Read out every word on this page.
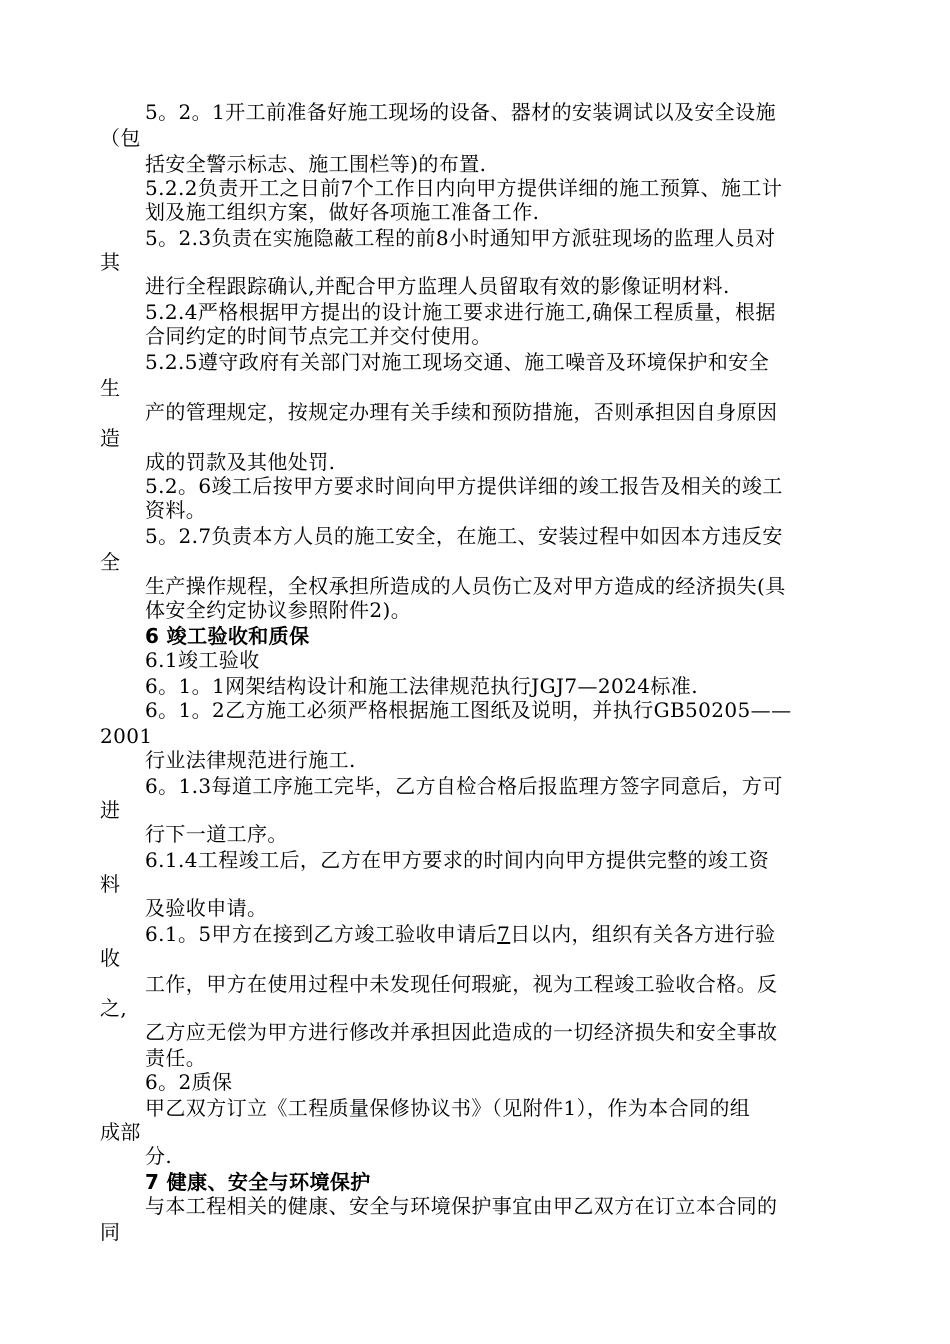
5。2。1开工前准备好施工现场的设备、器材的安装调试以及安全设施
（包
括安全警示标志、施工围栏等)的布置.
5.2.2负责开工之日前7个工作日内向甲方提供详细的施工预算、施工计
划及施工组织方案，做好各项施工准备工作.
5。2.3负责在实施隐蔽工程的前8小时通知甲方派驻现场的监理人员对
其
进行全程跟踪确认,并配合甲方监理人员留取有效的影像证明材料.
5.2.4严格根据甲方提出的设计施工要求进行施工,确保工程质量，根据
合同约定的时间节点完工并交付使用。
5.2.5遵守政府有关部门对施工现场交通、施工噪音及环境保护和安全
生
产的管理规定，按规定办理有关手续和预防措施，否则承担因自身原因
造
成的罚款及其他处罚.
5.2。6竣工后按甲方要求时间向甲方提供详细的竣工报告及相关的竣工
资料。
5。2.7负责本方人员的施工安全，在施工、安装过程中如因本方违反安
全
生产操作规程，全权承担所造成的人员伤亡及对甲方造成的经济损失(具
体安全约定协议参照附件2)。
6 竣工验收和质保
6.1竣工验收
6。1。1网架结构设计和施工法律规范执行JGJ7—2024标准.
6。1。2乙方施工必须严格根据施工图纸及说明，并执行GB50205——
2001
行业法律规范进行施工.
6。1.3每道工序施工完毕，乙方自检合格后报监理方签字同意后，方可
进
行下一道工序。
6.1.4工程竣工后，乙方在甲方要求的时间内向甲方提供完整的竣工资
料
及验收申请。
6.1。5甲方在接到乙方竣工验收申请后7日以内，组织有关各方进行验
收
工作，甲方在使用过程中未发现任何瑕疵，视为工程竣工验收合格。反
之,
乙方应无偿为甲方进行修改并承担因此造成的一切经济损失和安全事故
责任。
6。2质保
甲乙双方订立《工程质量保修协议书》（见附件1），作为本合同的组
成部
分.
7 健康、安全与环境保护
与本工程相关的健康、安全与环境保护事宜由甲乙双方在订立本合同的
同
